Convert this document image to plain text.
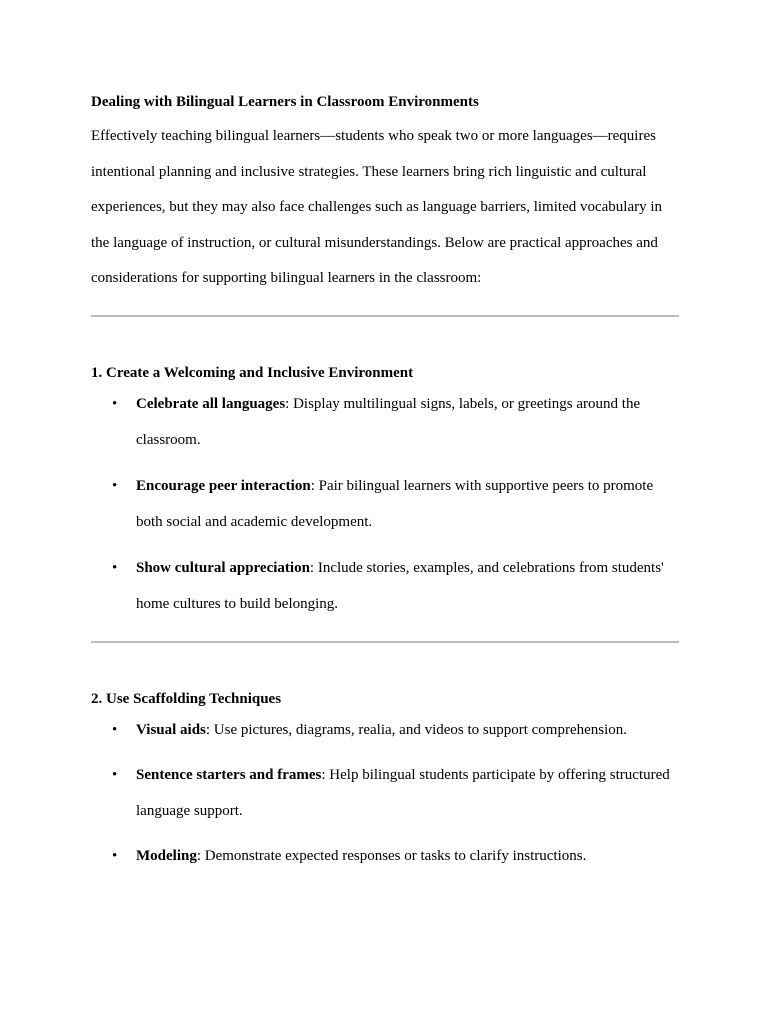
Dealing with Bilingual Learners in Classroom Environments

Effectively teaching bilingual learners—students who speak two or more languages—requires intentional planning and inclusive strategies. These learners bring rich linguistic and cultural experiences, but they may also face challenges such as language barriers, limited vocabulary in the language of instruction, or cultural misunderstandings. Below are practical approaches and considerations for supporting bilingual learners in the classroom:

1. Create a Welcoming and Inclusive Environment

• Celebrate all languages: Display multilingual signs, labels, or greetings around the classroom.
• Encourage peer interaction: Pair bilingual learners with supportive peers to promote both social and academic development.
• Show cultural appreciation: Include stories, examples, and celebrations from students' home cultures to build belonging.

2. Use Scaffolding Techniques

• Visual aids: Use pictures, diagrams, realia, and videos to support comprehension.
• Sentence starters and frames: Help bilingual students participate by offering structured language support.
• Modeling: Demonstrate expected responses or tasks to clarify instructions.
